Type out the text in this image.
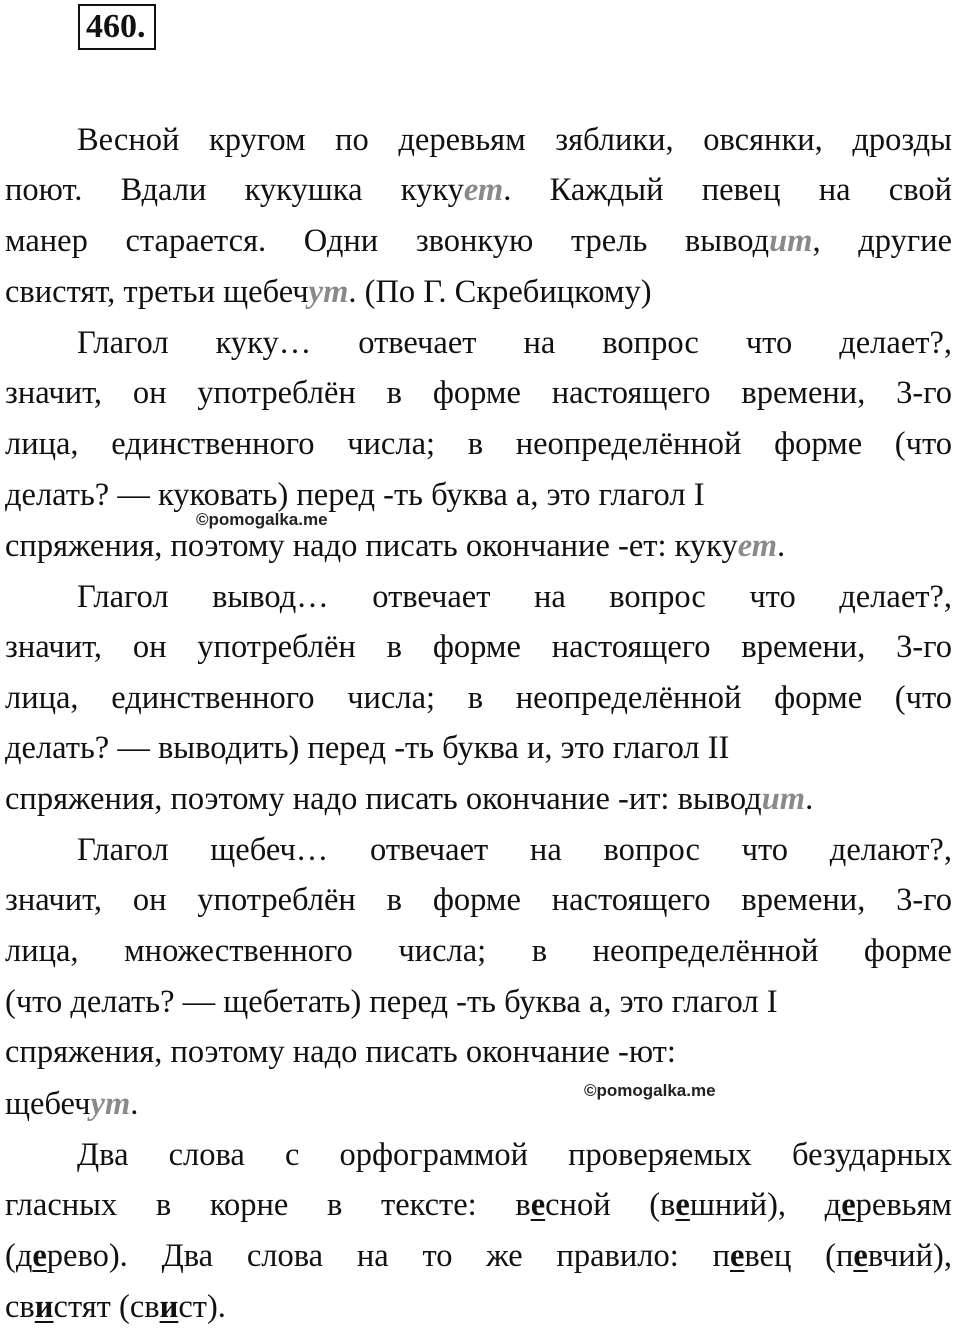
460.
Весной кругом по деревьям зяблики, овсянки, дрозды
поют. Вдали кукушка кукует. Каждый певец на свой
манер старается. Одни звонкую трель выводит, другие
свистят, третьи щебечут. (По Г. Скребицкому)
Глагол куку… отвечает на вопрос что делает?,
значит, он употреблён в форме настоящего времени, 3-го
лица, единственного числа; в неопределённой форме (что
делать? — куковать) перед -ть буква а, это глагол I
спряжения, поэтому надо писать окончание -ет: кукует.
Глагол вывод… отвечает на вопрос что делает?,
значит, он употреблён в форме настоящего времени, 3-го
лица, единственного числа; в неопределённой форме (что
делать? — выводить) перед -ть буква и, это глагол II
спряжения, поэтому надо писать окончание -ит: выводит.
Глагол щебеч… отвечает на вопрос что делают?,
значит, он употреблён в форме настоящего времени, 3-го
лица, множественного числа; в неопределённой форме
(что делать? — щебетать) перед -ть буква а, это глагол I
спряжения, поэтому надо писать окончание -ют:
щебечут.
Два слова с орфограммой проверяемых безударных
гласных в корне в тексте: весной (вешний), деревьям
(дерево). Два слова на то же правило: певец (певчий),
свистят (свист).
©pomogalka.me
©pomogalka.me
